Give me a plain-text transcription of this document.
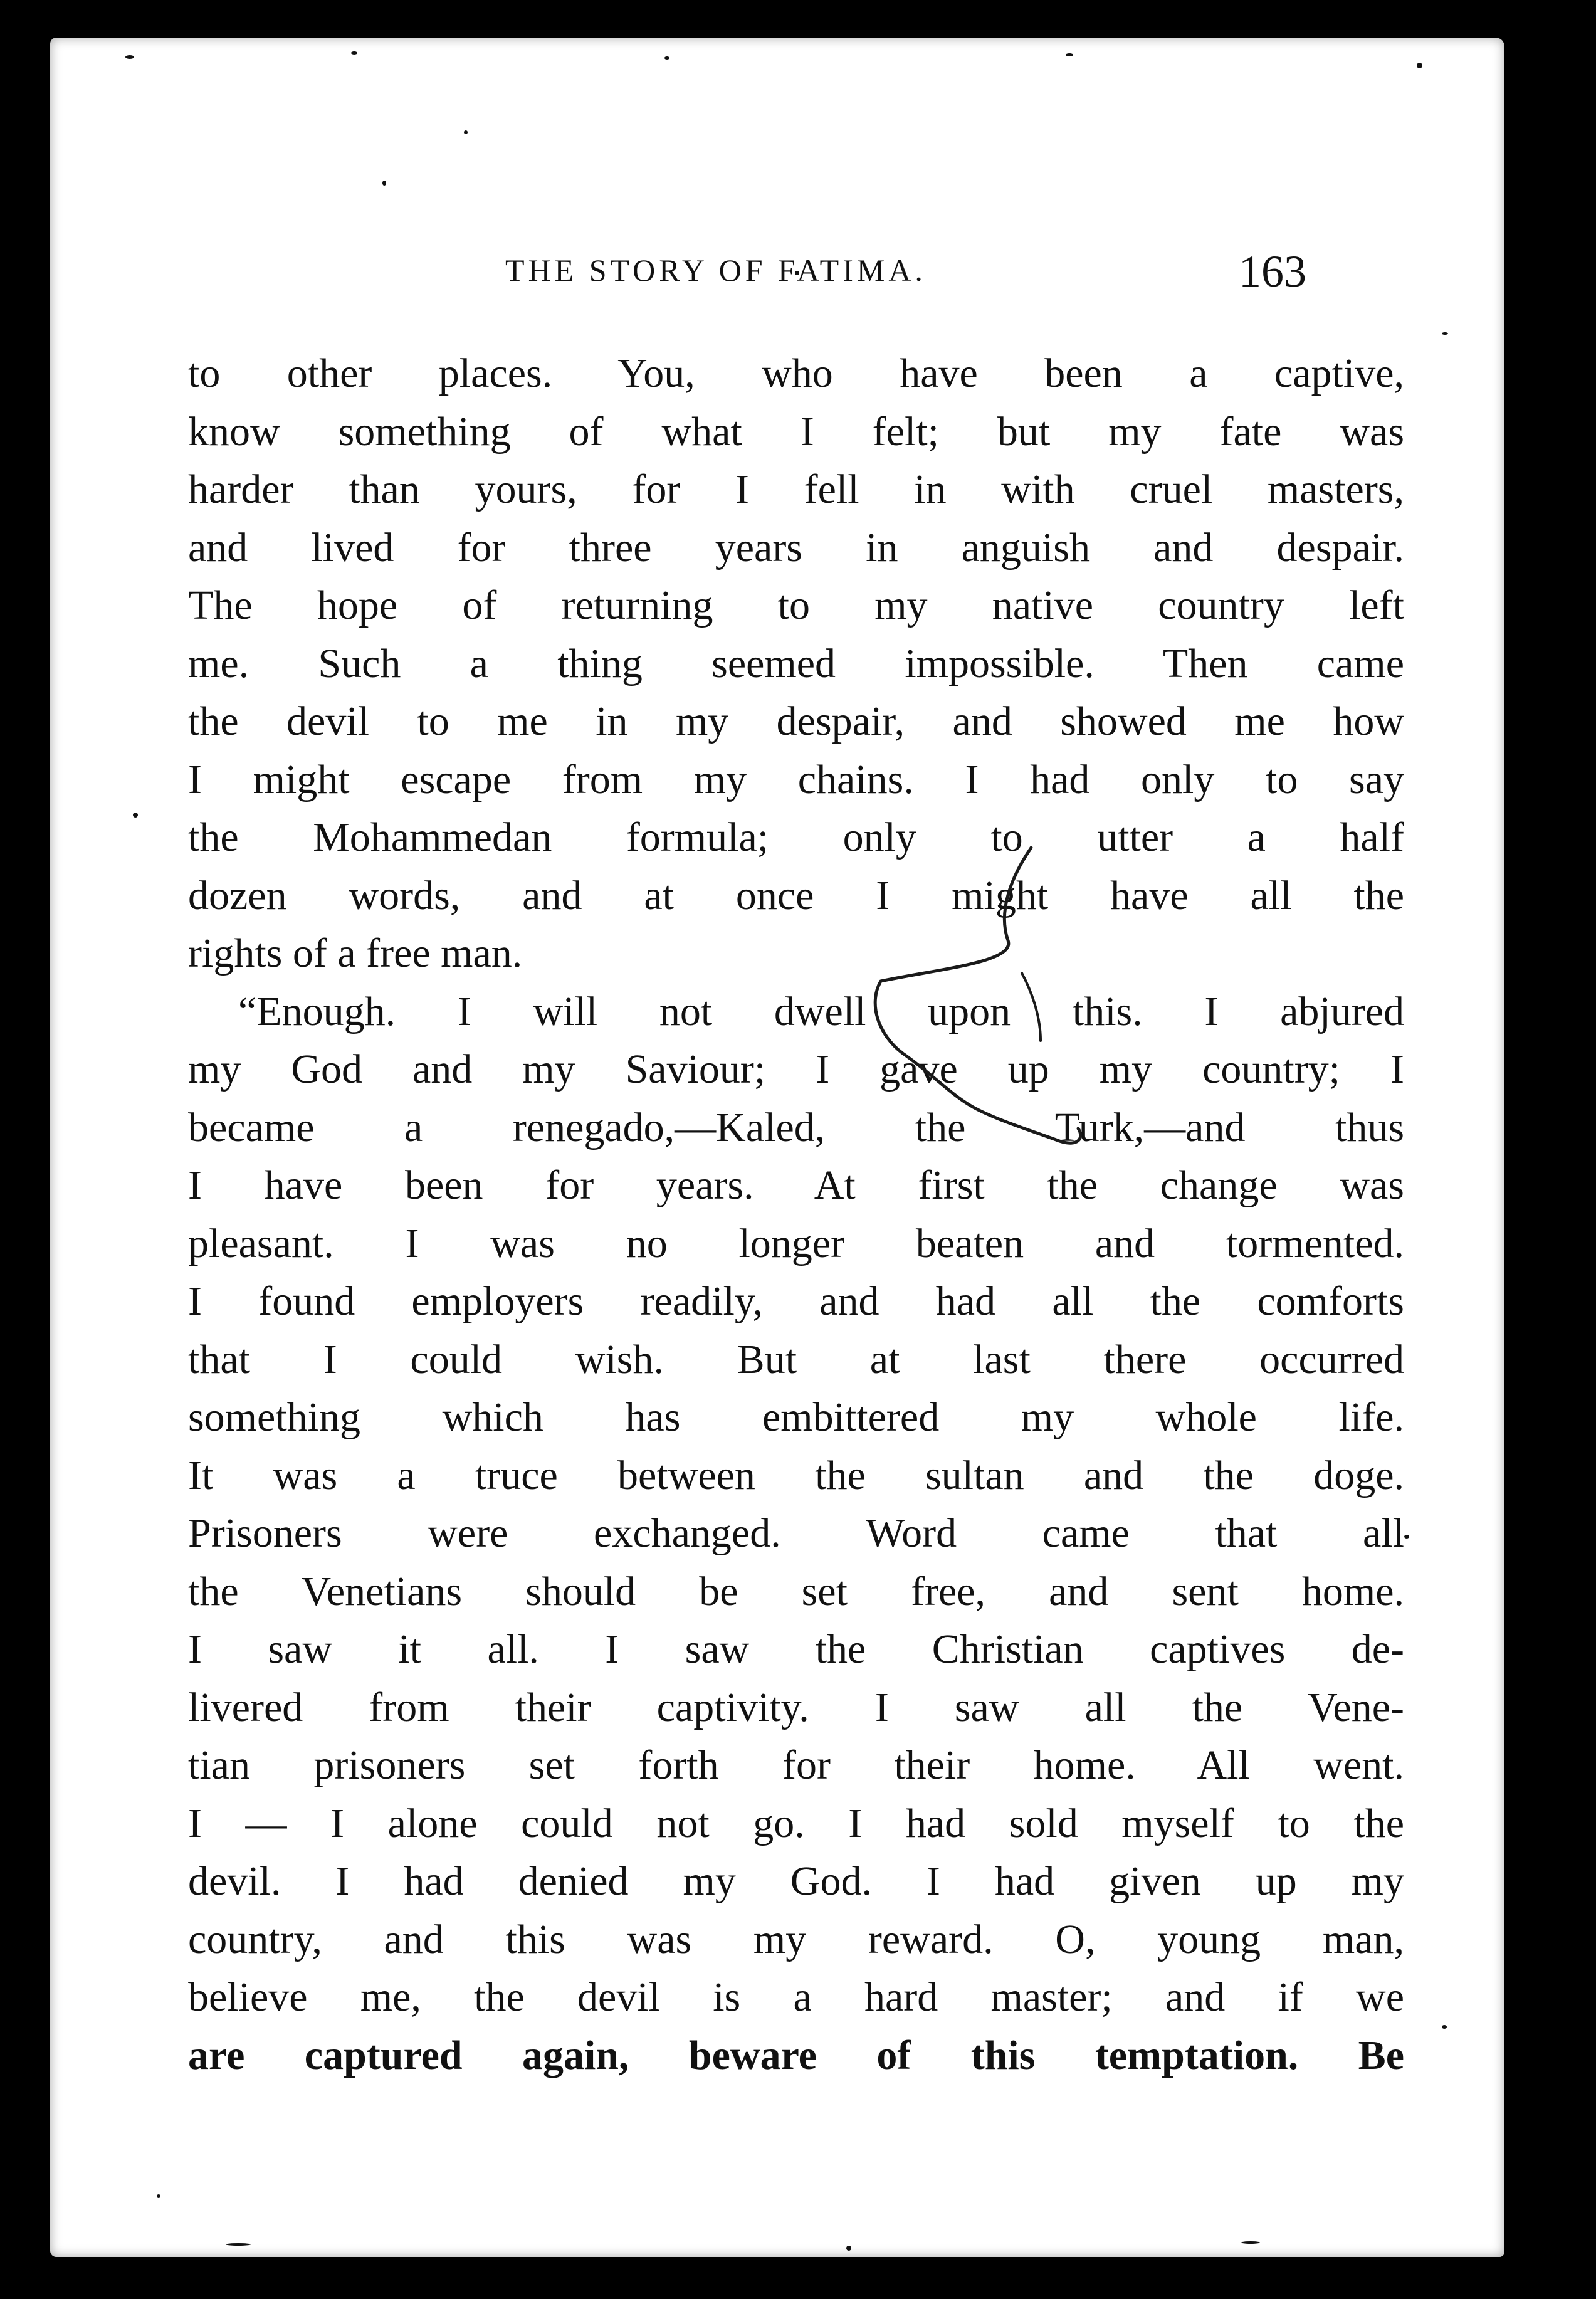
THE STORY OF FATIMA.	163
to other places. You, who have been a captive,
know something of what I felt; but my fate was
harder than yours, for I fell in with cruel masters,
and lived for three years in anguish and despair.
The hope of returning to my native country left
me. Such a thing seemed impossible. Then came
the devil to me in my despair, and showed me how
I might escape from my chains. I had only to say
the Mohammedan formula; only to utter a half
dozen words, and at once I might have all the
rights of a free man.
“Enough. I will not dwell upon this. I abjured
my God and my Saviour; I gave up my country; I
became a renegado,—Kaled, the Turk,—and thus
I have been for years. At first the change was
pleasant. I was no longer beaten and tormented.
I found employers readily, and had all the comforts
that I could wish. But at last there occurred
something which has embittered my whole life.
It was a truce between the sultan and the doge.
Prisoners were exchanged. Word came that all
the Venetians should be set free, and sent home.
I saw it all. I saw the Christian captives de-
livered from their captivity. I saw all the Vene-
tian prisoners set forth for their home. All went.
I — I alone could not go. I had sold myself to the
devil. I had denied my God. I had given up my
country, and this was my reward. O, young man,
believe me, the devil is a hard master; and if we
are captured again, beware of this temptation. Be
